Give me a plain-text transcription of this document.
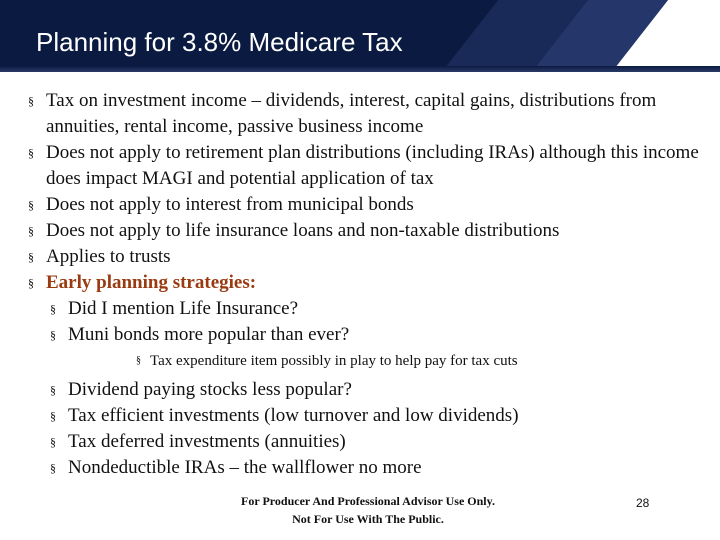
Planning for 3.8% Medicare Tax
§ Tax on investment income – dividends, interest, capital gains, distributions from annuities, rental income, passive business income
§ Does not apply to retirement plan distributions (including IRAs) although this income does impact MAGI and potential application of tax
§ Does not apply to interest from municipal bonds
§ Does not apply to life insurance loans and non-taxable distributions
§ Applies to trusts
§ Early planning strategies:
§ Did I mention Life Insurance?
§ Muni bonds more popular than ever?
§ Tax expenditure item possibly in play to help pay for tax cuts
§ Dividend paying stocks less popular?
§ Tax efficient investments (low turnover and low dividends)
§ Tax deferred investments (annuities)
§ Nondeductible IRAs – the wallflower no more
For Producer And Professional Advisor Use Only.
Not For Use With The Public.
28
